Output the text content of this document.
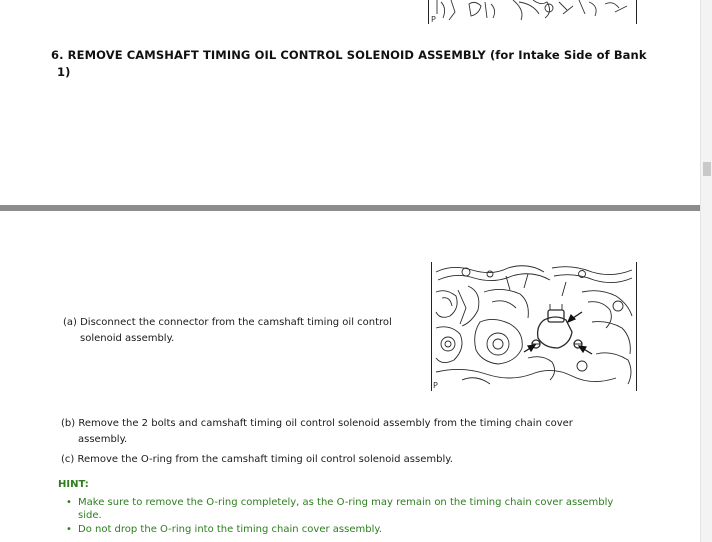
P
6. REMOVE CAMSHAFT TIMING OIL CONTROL SOLENOID ASSEMBLY (for Intake Side of Bank
1)
P
(a) Disconnect the connector from the camshaft timing oil control
solenoid assembly.
(b) Remove the 2 bolts and camshaft timing oil control solenoid assembly from the timing chain cover
assembly.
(c) Remove the O-ring from the camshaft timing oil control solenoid assembly.
HINT:
• Make sure to remove the O-ring completely, as the O-ring may remain on the timing chain cover assembly
side.
• Do not drop the O-ring into the timing chain cover assembly.
